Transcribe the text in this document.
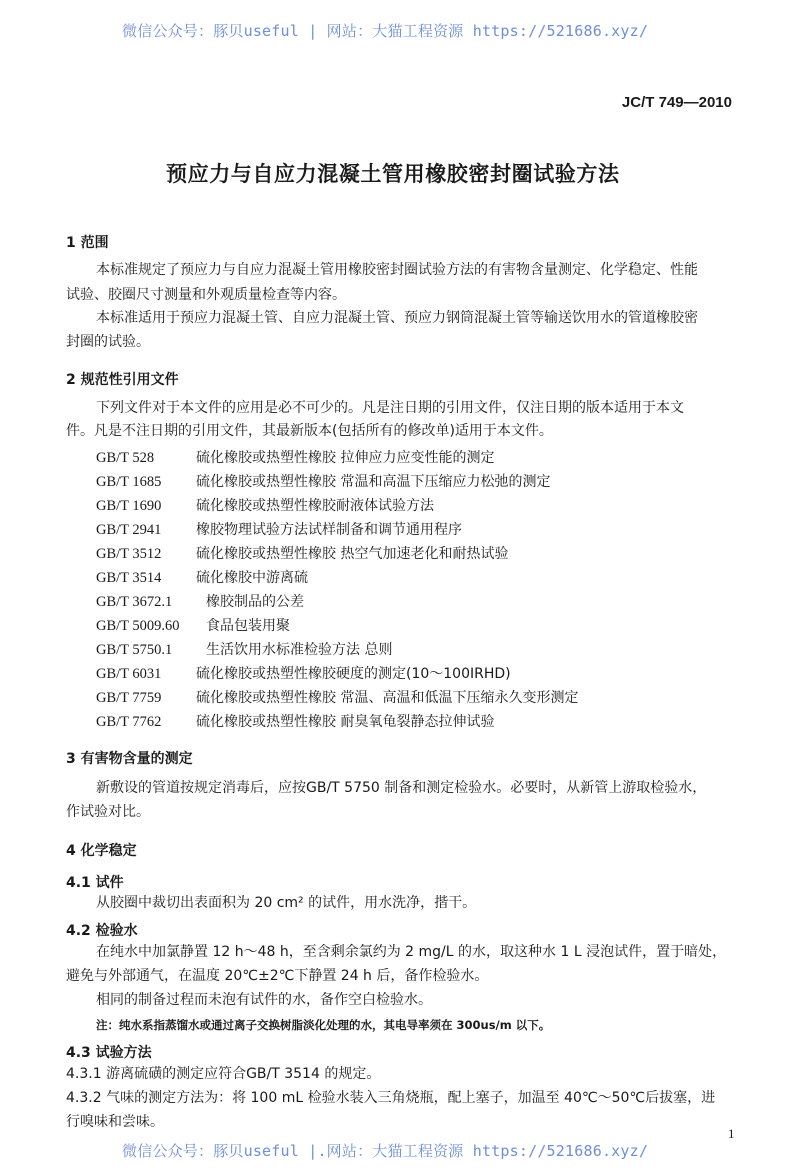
微信公众号：豚贝useful | 网站：大猫工程资源 https://521686.xyz/
JC/T 749—2010
预应力与自应力混凝土管用橡胶密封圈试验方法
1 范围
本标准规定了预应力与自应力混凝土管用橡胶密封圈试验方法的有害物含量测定、化学稳定、性能
试验、胶圈尺寸测量和外观质量检查等内容。
本标准适用于预应力混凝土管、自应力混凝土管、预应力钢筒混凝土管等输送饮用水的管道橡胶密
封圈的试验。
2 规范性引用文件
下列文件对于本文件的应用是必不可少的。凡是注日期的引用文件，仅注日期的版本适用于本文
件。凡是不注日期的引用文件，其最新版本(包括所有的修改单)适用于本文件。
GB/T 528	硫化橡胶或热塑性橡胶 拉伸应力应变性能的测定
GB/T 1685 硫化橡胶或热塑性橡胶 常温和高温下压缩应力松弛的测定
GB/T 1690 硫化橡胶或热塑性橡胶耐液体试验方法
GB/T 2941 橡胶物理试验方法试样制备和调节通用程序
GB/T 3512 硫化橡胶或热塑性橡胶 热空气加速老化和耐热试验
GB/T 3514 硫化橡胶中游离硫
GB/T 3672.1 橡胶制品的公差
GB/T 5009.60 食品包装用聚
GB/T 5750.1 生活饮用水标准检验方法 总则
GB/T 6031 硫化橡胶或热塑性橡胶硬度的测定(10～100IRHD)
GB/T 7759 硫化橡胶或热塑性橡胶 常温、高温和低温下压缩永久变形测定
GB/T 7762 硫化橡胶或热塑性橡胶 耐臭氧龟裂静态拉伸试验
3 有害物含量的测定
新敷设的管道按规定消毒后，应按GB/T 5750 制备和测定检验水。必要时，从新管上游取检验水，
作试验对比。
4 化学稳定
4.1 试件
从胶圈中裁切出表面积为 20 cm² 的试件，用水洗净，揩干。
4.2 检验水
在纯水中加氯静置 12 h～48 h，至含剩余氯约为 2 mg/L 的水，取这种水 1 L 浸泡试件，置于暗处，
避免与外部通气，在温度 20℃±2℃下静置 24 h 后，备作检验水。
相同的制备过程而未泡有试件的水，备作空白检验水。
注：纯水系指蒸馏水或通过离子交换树脂淡化处理的水，其电导率须在 300us/m 以下。
4.3 试验方法
4.3.1 游离硫磺的测定应符合GB/T 3514 的规定。
4.3.2 气味的测定方法为：将 100 mL 检验水装入三角烧瓶，配上塞子，加温至 40℃～50℃后拔塞，进
行嗅味和尝味。
1
微信公众号：豚贝useful |.网站：大猫工程资源 https://521686.xyz/
